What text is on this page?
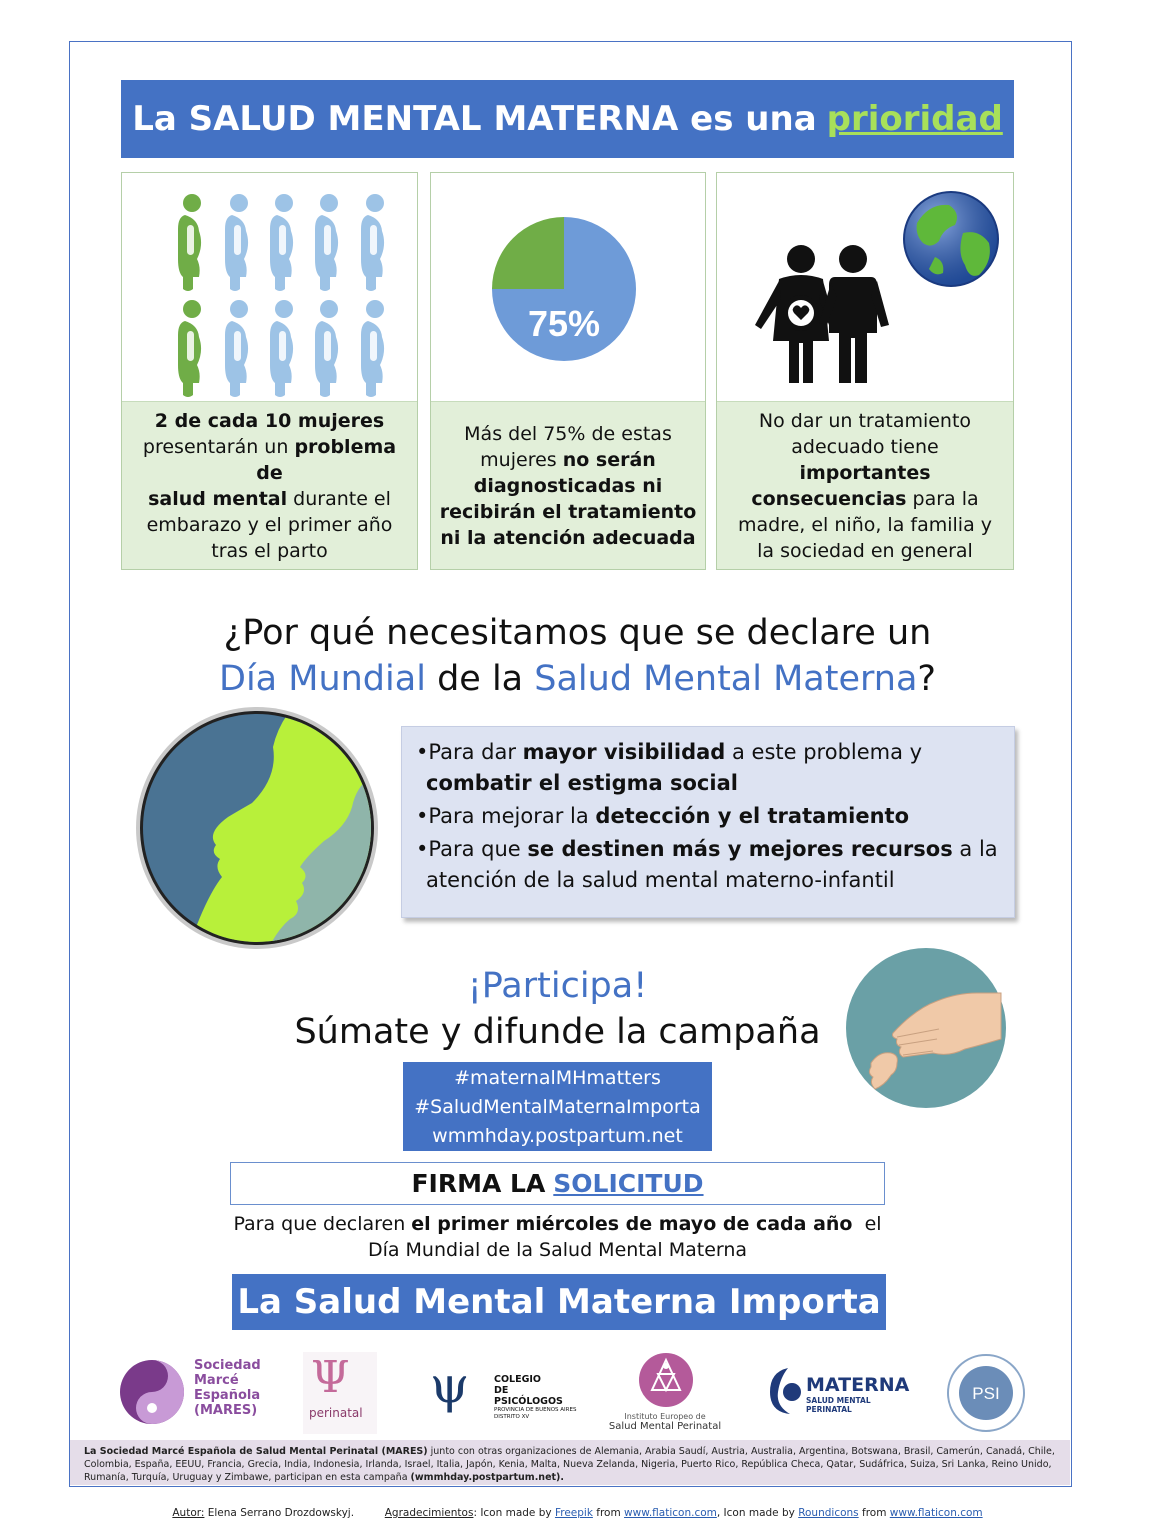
La SALUD MENTAL MATERNA es una prioridad
2 de cada 10 mujeres
presentarán un problema de
salud mental durante el
embarazo y el primer año
tras el parto
75%
Más del 75% de estas
mujeres no serán
diagnosticadas ni
recibirán el tratamiento
ni la atención adecuada
No dar un tratamiento
adecuado tiene
importantes
consecuencias para la
madre, el niño, la familia y
la sociedad en general
¿Por qué necesitamos que se declare un
Día Mundial de la Salud Mental Materna?
•Para dar mayor visibilidad a este problema y
combatir el estigma social
•Para mejorar la detección y el tratamiento
•Para que se destinen más y mejores recursos a la
atención de la salud mental materno-infantil
¡Participa!
Súmate y difunde la campaña
#maternalMHmatters
#SaludMentalMaternaImporta
wmmhday.postpartum.net
FIRMA LA SOLICITUD
Para que declaren el primer miércoles de mayo de cada año  el
Día Mundial de la Salud Mental Materna
La Salud Mental Materna Importa
Sociedad
Marcé
Española
(MARES)
Ψ
perinatal ψ	COLEGIO
DE PSICÓLOGOS
PROVINCIA DE BUENOS AIRES
DISTRITO XV	Instituto Europeo de
Salud Mental Perinatal
MATERNA
SALUD MENTAL PERINATAL
PSI
La Sociedad Marcé Española de Salud Mental Perinatal (MARES) junto con otras organizaciones de Alemania, Arabia Saudí, Austria, Australia, Argentina, Botswana, Brasil, Camerún, Canadá, Chile, Colombia, España, EEUU, Francia, Grecia, India, Indonesia, Irlanda, Israel, Italia, Japón, Kenia, Malta, Nueva Zelanda, Nigeria, Puerto Rico, República Checa, Qatar, Sudáfrica, Suiza, Sri Lanka, Reino Unido, Rumanía, Turquía, Uruguay y Zimbawe, participan en esta campaña (wmmhday.postpartum.net).
Autor: Elena Serrano Drozdowskyj.	Agradecimientos: Icon made by Freepik from www.flaticon.com, Icon made by Roundicons from www.flaticon.com
